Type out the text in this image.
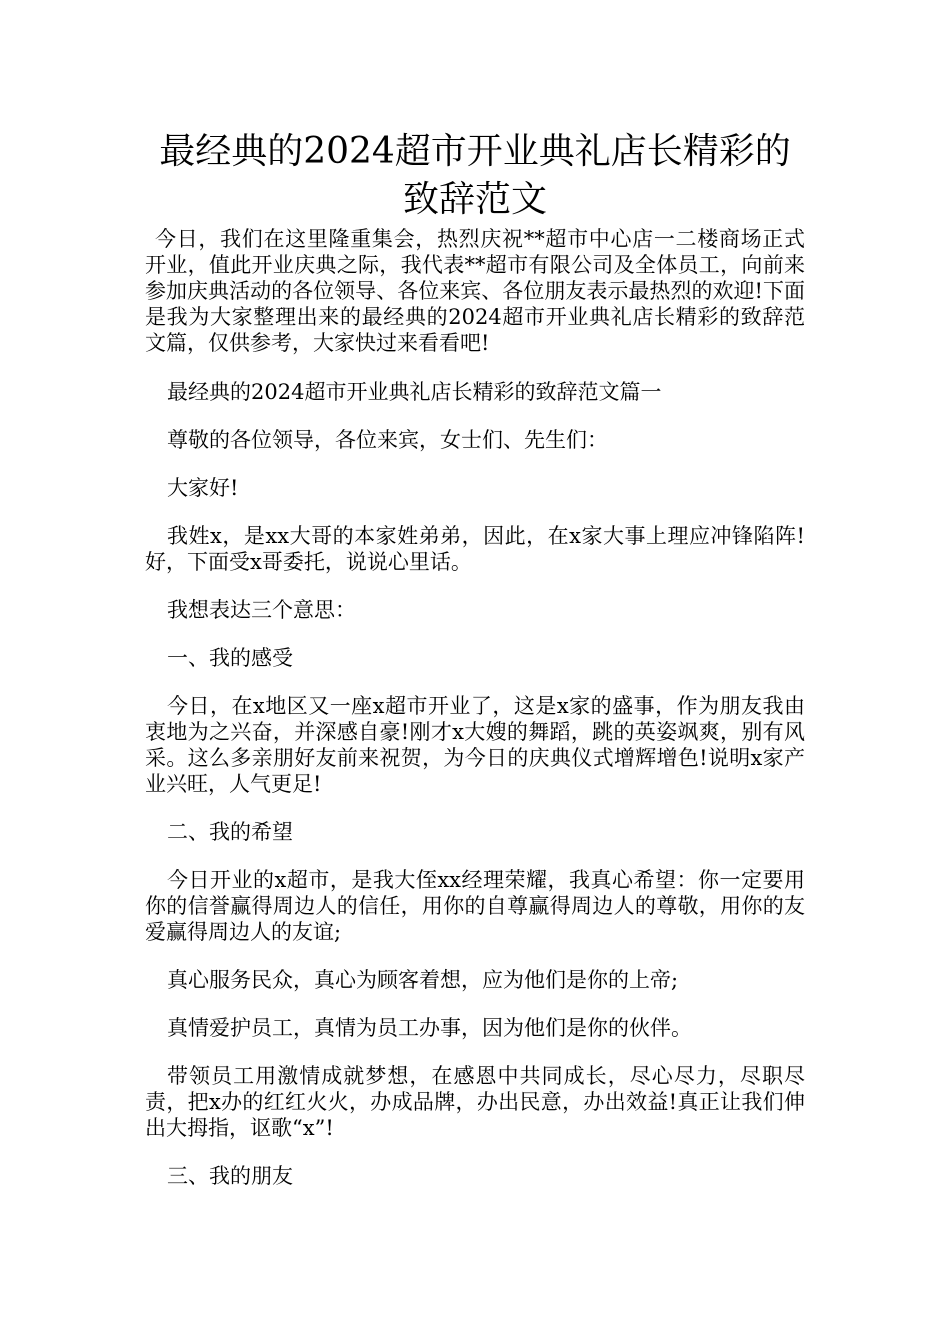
最经典的2024超市开业典礼店长精彩的致辞范文

今日，我们在这里隆重集会，热烈庆祝**超市中心店一二楼商场正式开业，值此开业庆典之际，我代表**超市有限公司及全体员工，向前来参加庆典活动的各位领导、各位来宾、各位朋友表示最热烈的欢迎!下面是我为大家整理出来的最经典的2024超市开业典礼店长精彩的致辞范文篇，仅供参考，大家快过来看看吧!

最经典的2024超市开业典礼店长精彩的致辞范文篇一

尊敬的各位领导，各位来宾，女士们、先生们：

大家好!

我姓x，是xx大哥的本家姓弟弟，因此，在x家大事上理应冲锋陷阵!好，下面受x哥委托，说说心里话。

我想表达三个意思：

一、我的感受

今日，在x地区又一座x超市开业了，这是x家的盛事，作为朋友我由衷地为之兴奋，并深感自豪!刚才x大嫂的舞蹈，跳的英姿飒爽，别有风采。这么多亲朋好友前来祝贺，为今日的庆典仪式增辉增色!说明x家产业兴旺，人气更足!

二、我的希望

今日开业的x超市，是我大侄xx经理荣耀，我真心希望：你一定要用你的信誉赢得周边人的信任，用你的自尊赢得周边人的尊敬，用你的友爱赢得周边人的友谊;

真心服务民众，真心为顾客着想，应为他们是你的上帝;

真情爱护员工，真情为员工办事，因为他们是你的伙伴。

带领员工用激情成就梦想，在感恩中共同成长，尽心尽力，尽职尽责，把x办的红红火火，办成品牌，办出民意，办出效益!真正让我们伸出大拇指，讴歌“x”!

三、我的朋友
